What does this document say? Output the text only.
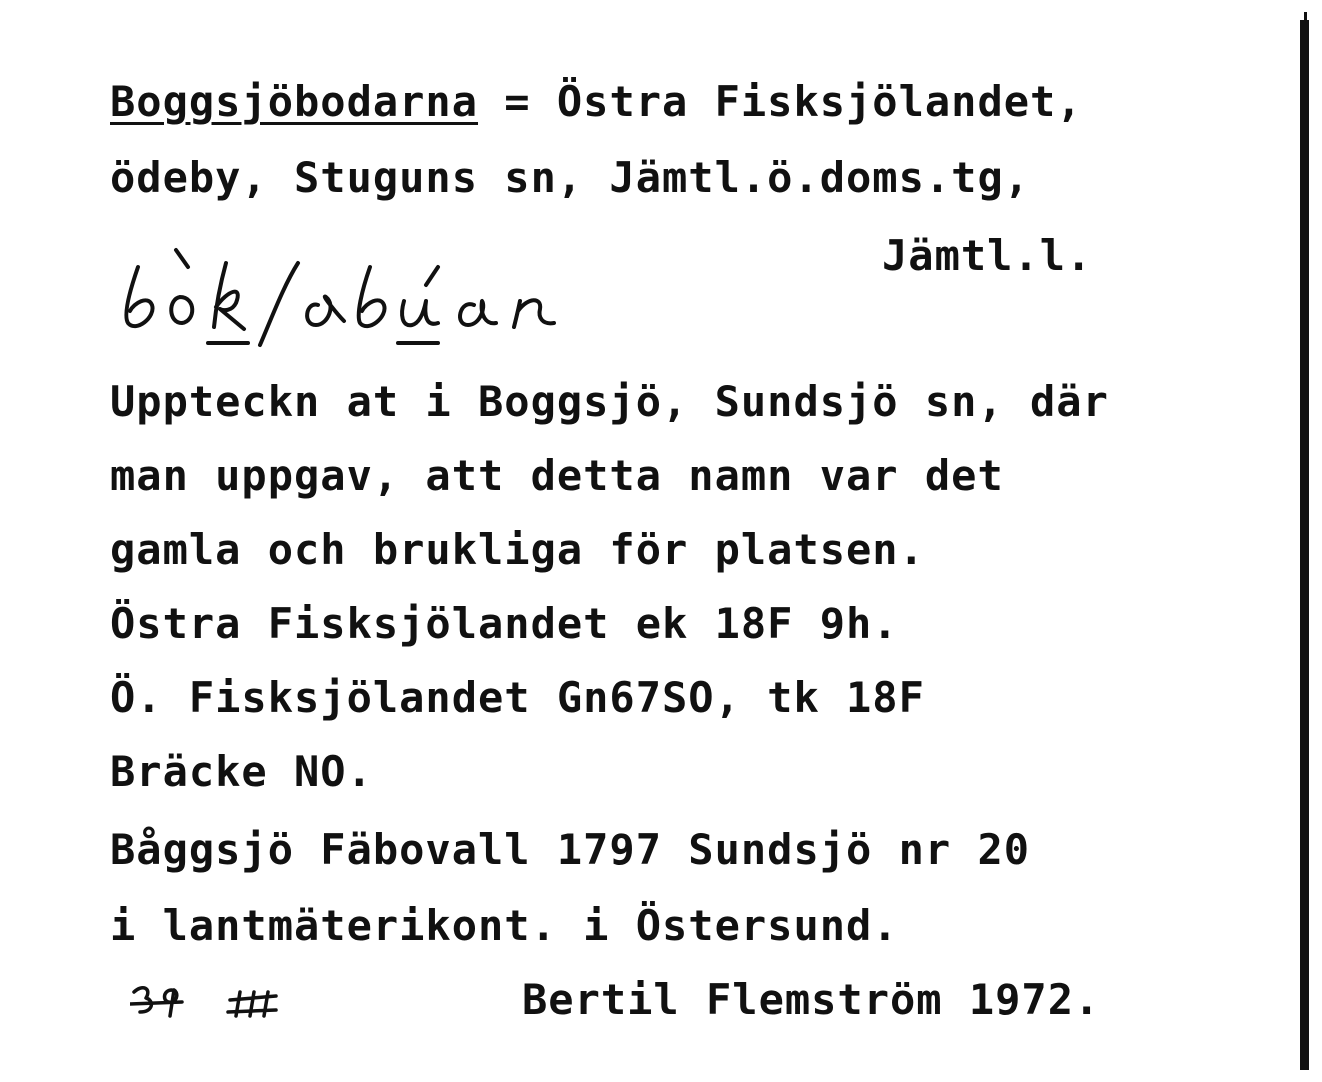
Boggsjöbodarna = Östra Fisksjölandet,
ödeby, Stuguns sn, Jämtl.ö.doms.tg,
Jämtl.l.
Uppteckn at i Boggsjö, Sundsjö sn, där
man uppgav, att detta namn var det
gamla och brukliga för platsen.
Östra Fisksjölandet ek 18F 9h.
Ö. Fisksjölandet Gn67SO, tk 18F
Bräcke NO.
Båggsjö Fäbovall 1797 Sundsjö nr 20
i lantmäterikont. i Östersund.
Bertil Flemström 1972.
